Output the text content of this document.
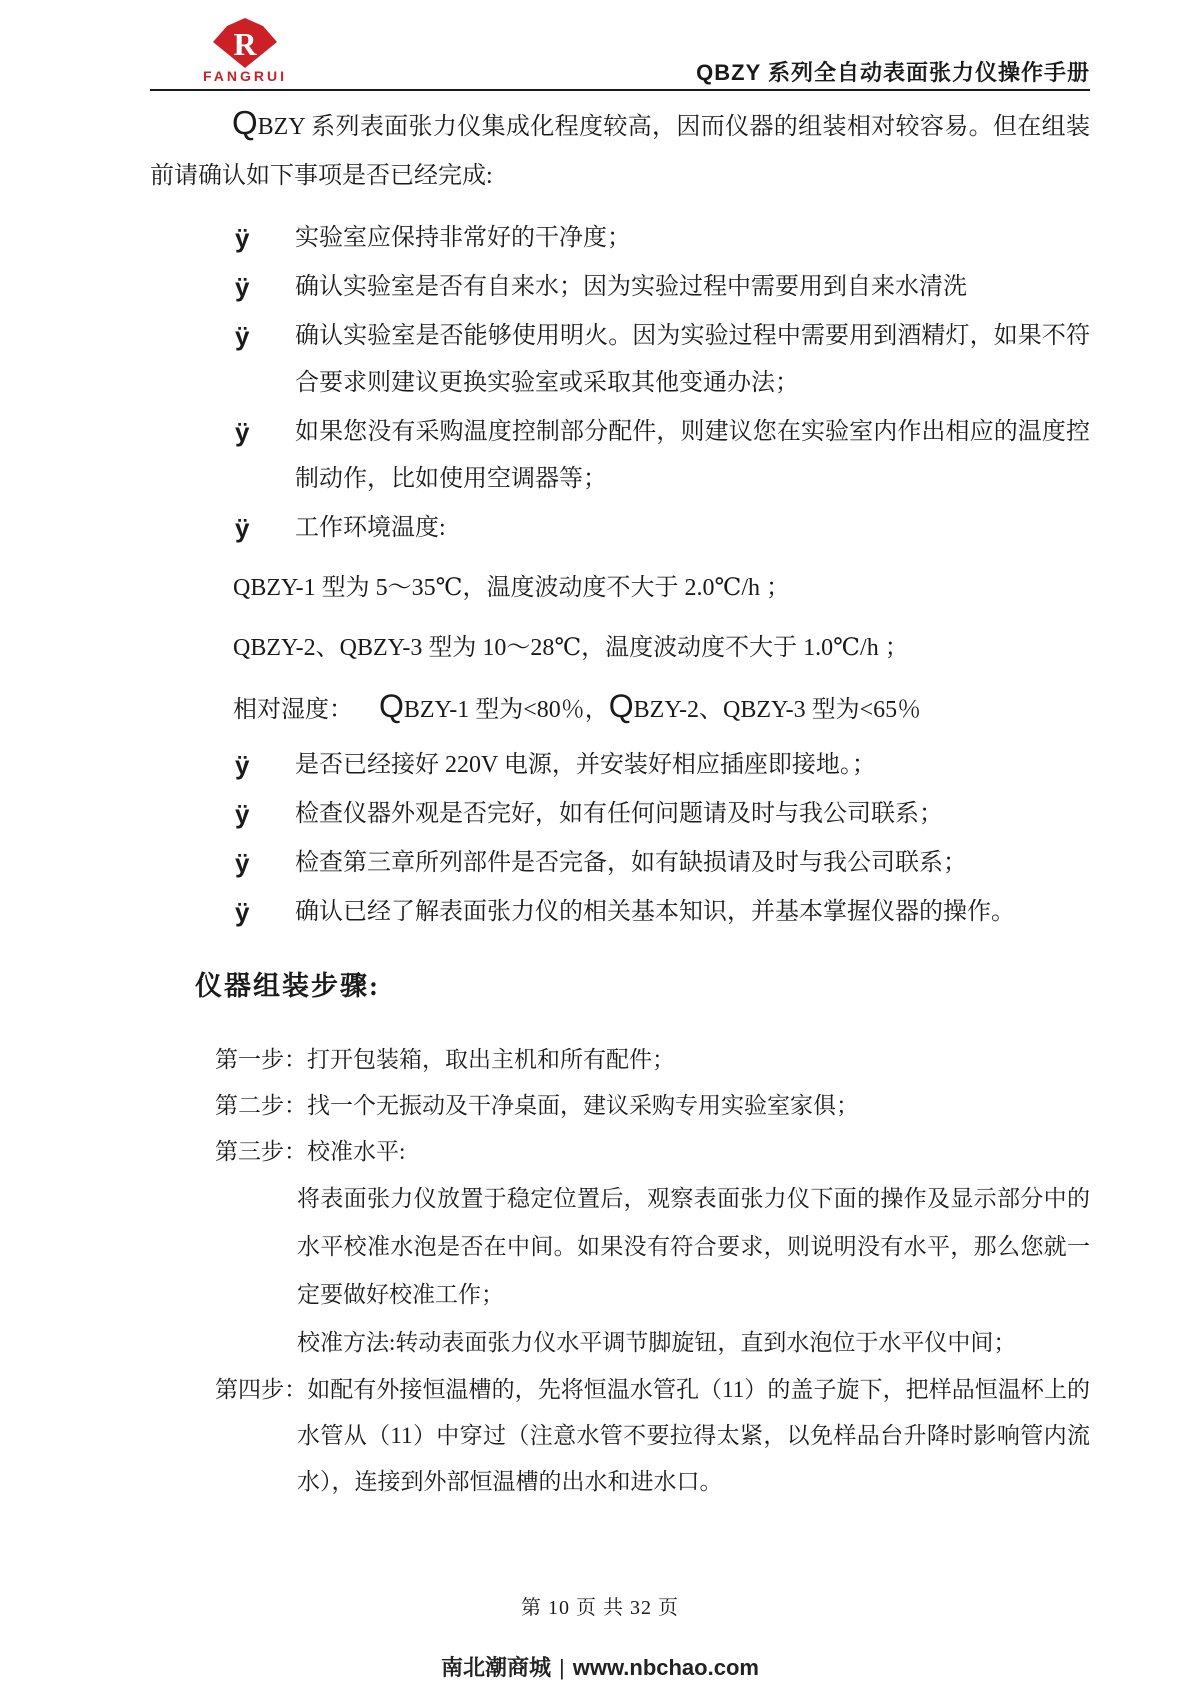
R
FANGRUI	QBZY 系列全自动表面张力仪操作手册

QBZY 系列表面张力仪集成化程度较高，因而仪器的组装相对较容易。但在组装前请确认如下事项是否已经完成:

ÿ 实验室应保持非常好的干净度；
ÿ 确认实验室是否有自来水；因为实验过程中需要用到自来水清洗
ÿ 确认实验室是否能够使用明火。因为实验过程中需要用到酒精灯，如果不符合要求则建议更换实验室或采取其他变通办法；
ÿ 如果您没有采购温度控制部分配件，则建议您在实验室内作出相应的温度控制动作，比如使用空调器等；
ÿ 工作环境温度:
QBZY-1 型为 5～35℃，温度波动度不大于 2.0℃/h ；
QBZY-2、QBZY-3 型为 10～28℃，温度波动度不大于 1.0℃/h ；
相对湿度： QBZY-1 型为<80％，QBZY-2、QBZY-3 型为<65％
ÿ 是否已经接好 220V 电源，并安装好相应插座即接地。；
ÿ 检查仪器外观是否完好，如有任何问题请及时与我公司联系；
ÿ 检查第三章所列部件是否完备，如有缺损请及时与我公司联系；
ÿ 确认已经了解表面张力仪的相关基本知识，并基本掌握仪器的操作。
仪器组装步骤:
第一步：打开包装箱，取出主机和所有配件；
第二步：找一个无振动及干净桌面，建议采购专用实验室家俱；
第三步：校准水平:
将表面张力仪放置于稳定位置后，观察表面张力仪下面的操作及显示部分中的水平校准水泡是否在中间。如果没有符合要求，则说明没有水平，那么您就一定要做好校准工作；
校准方法:转动表面张力仪水平调节脚旋钮，直到水泡位于水平仪中间；
第四步：如配有外接恒温槽的，先将恒温水管孔（11）的盖子旋下，把样品恒温杯上的水管从（11）中穿过（注意水管不要拉得太紧，以免样品台升降时影响管内流水），连接到外部恒温槽的出水和进水口。
第 10 页 共 32 页
南北潮商城 | www.nbchao.com
